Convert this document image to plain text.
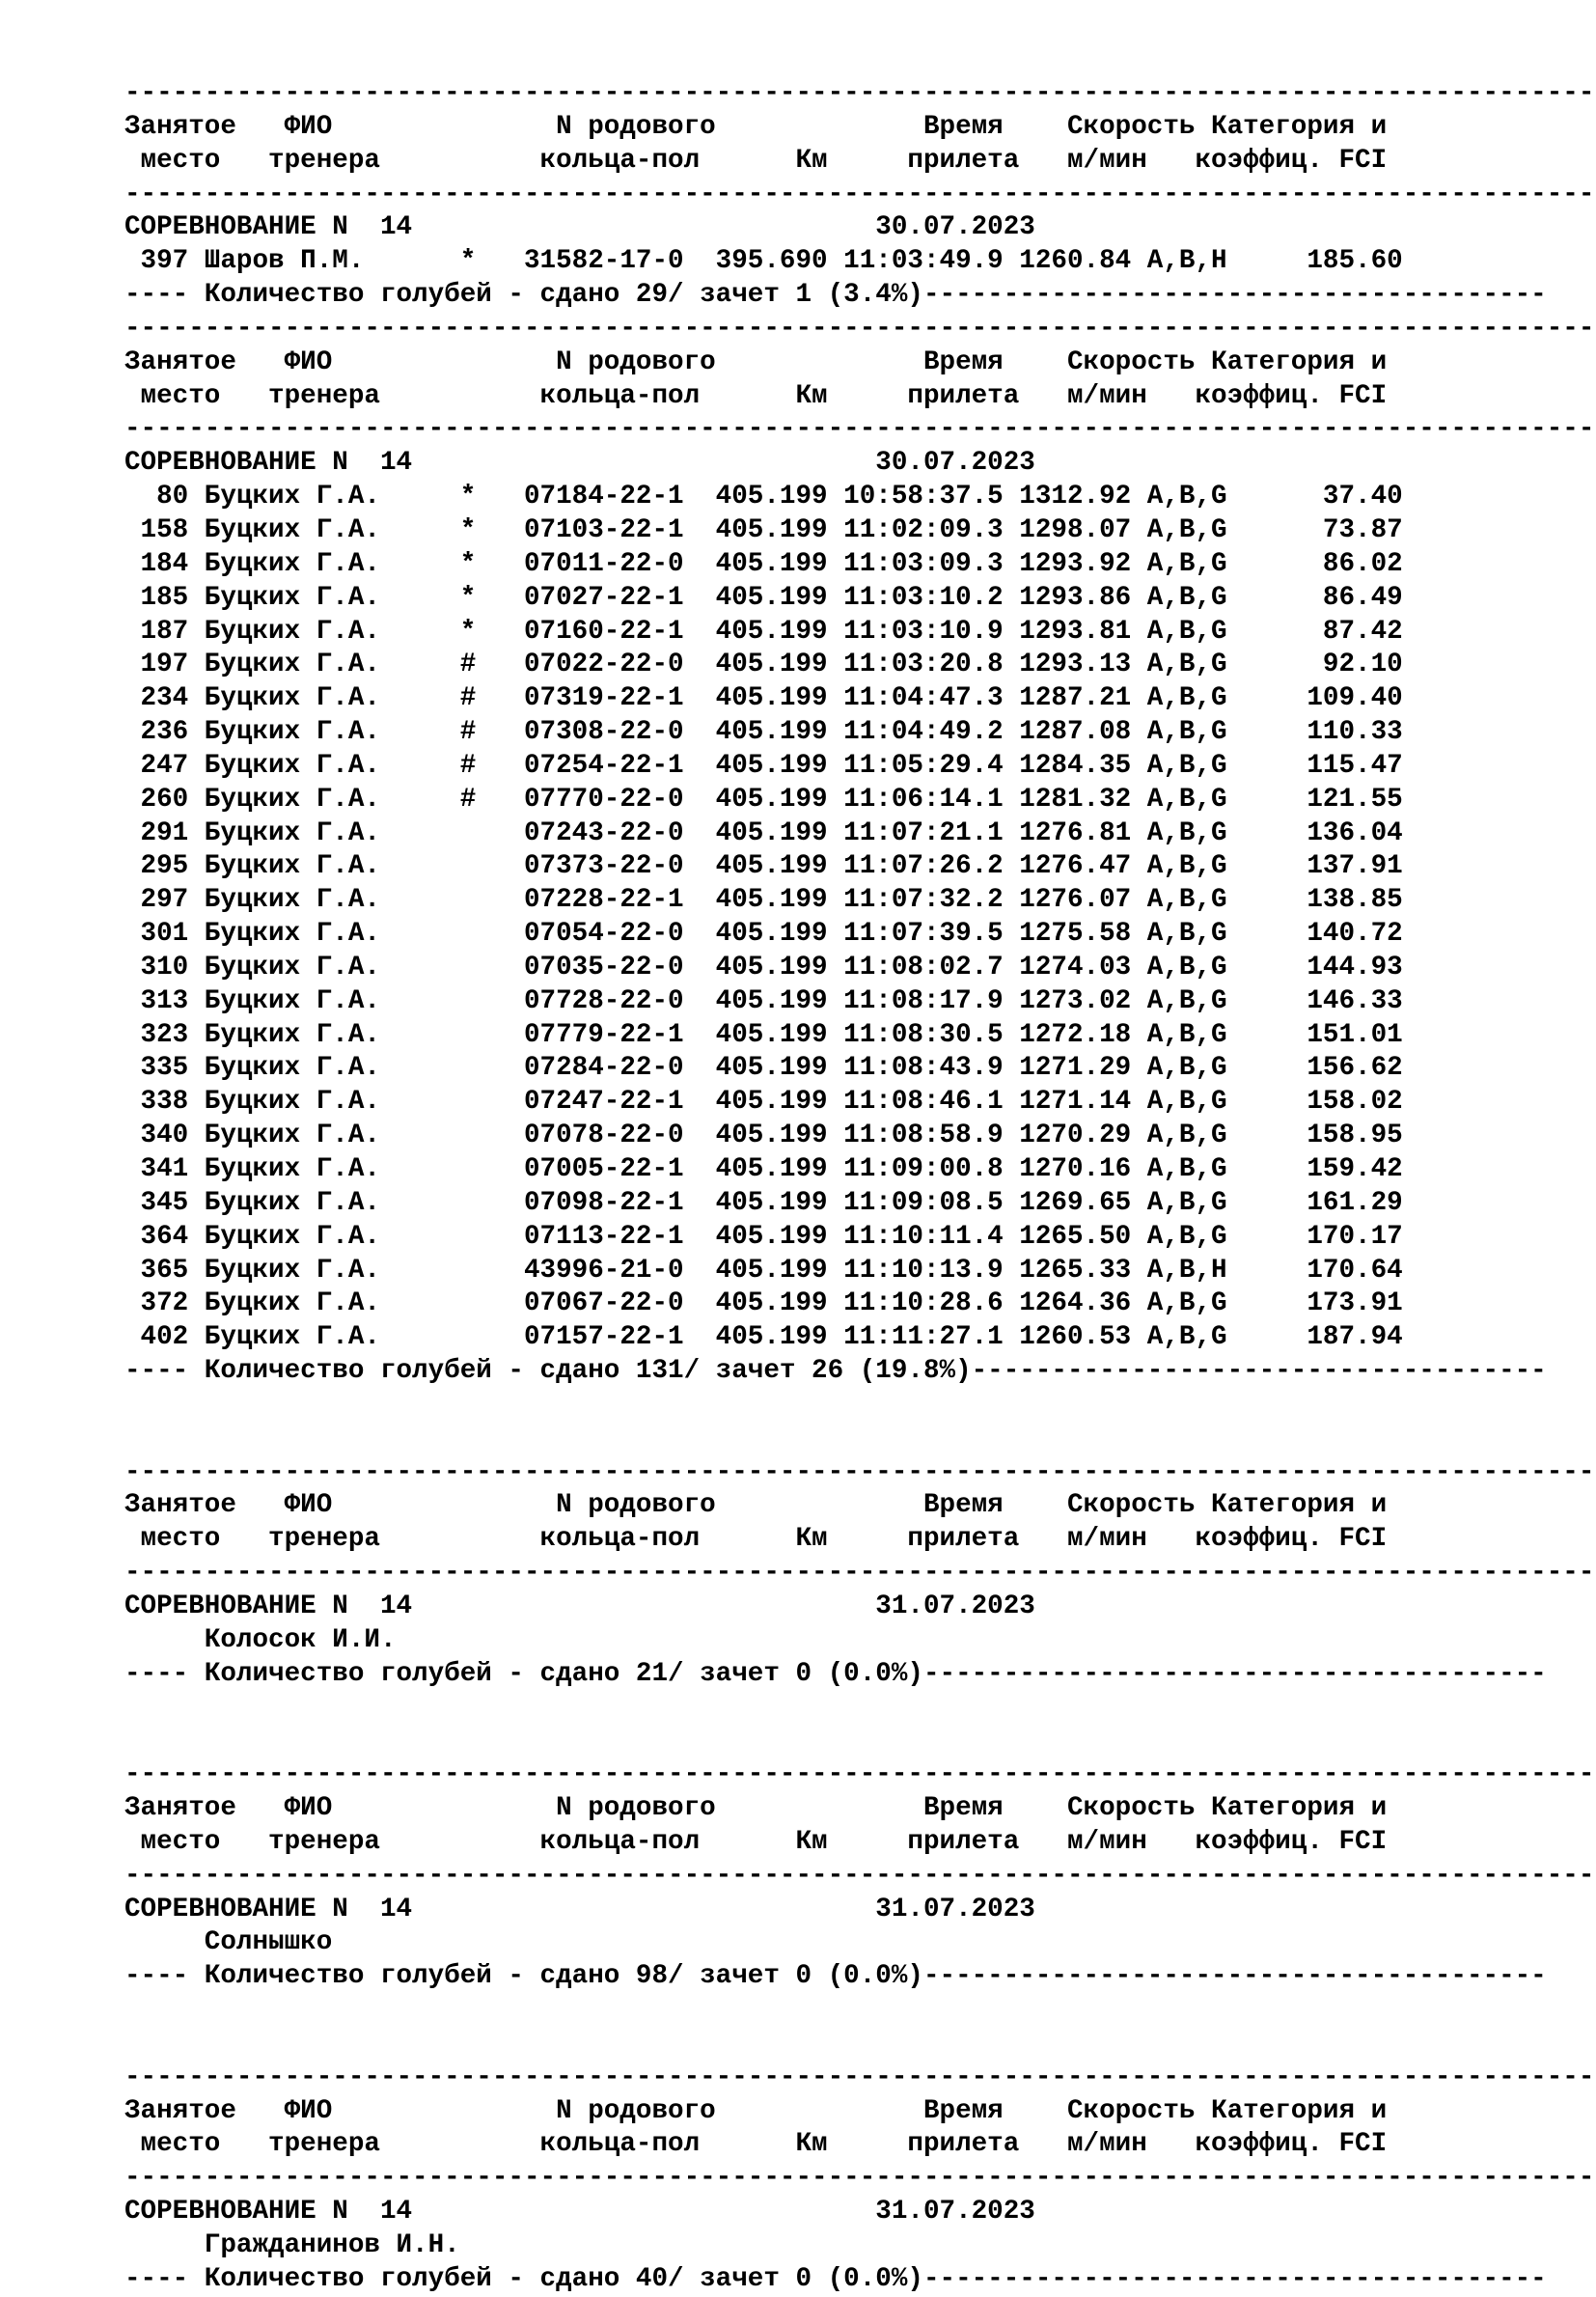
--------------------------------------------------------------------------------------------
Занятое   ФИО              N родового             Время    Скорость Категория и
место   тренера          кольца-пол      Км     прилета   м/мин   коэффиц. FCI
--------------------------------------------------------------------------------------------
СОРЕВНОВАНИЕ N  14                             30.07.2023
397 Шаров П.М.      *   31582-17-0  395.690 11:03:49.9 1260.84 A,B,H     185.60
---- Количество голубей - сдано 29/ зачет 1 (3.4%)---------------------------------------
--------------------------------------------------------------------------------------------
Занятое   ФИО              N родового             Время    Скорость Категория и
место   тренера          кольца-пол      Км     прилета   м/мин   коэффиц. FCI
--------------------------------------------------------------------------------------------
СОРЕВНОВАНИЕ N  14                             30.07.2023
80 Буцких Г.А.     *   07184-22-1  405.199 10:58:37.5 1312.92 A,B,G      37.40
158 Буцких Г.А.     *   07103-22-1  405.199 11:02:09.3 1298.07 A,B,G      73.87
184 Буцких Г.А.     *   07011-22-0  405.199 11:03:09.3 1293.92 A,B,G      86.02
185 Буцких Г.А.     *   07027-22-1  405.199 11:03:10.2 1293.86 A,B,G      86.49
187 Буцких Г.А.     *   07160-22-1  405.199 11:03:10.9 1293.81 A,B,G      87.42
197 Буцких Г.А.     #   07022-22-0  405.199 11:03:20.8 1293.13 A,B,G      92.10
234 Буцких Г.А.     #   07319-22-1  405.199 11:04:47.3 1287.21 A,B,G     109.40
236 Буцких Г.А.     #   07308-22-0  405.199 11:04:49.2 1287.08 A,B,G     110.33
247 Буцких Г.А.     #   07254-22-1  405.199 11:05:29.4 1284.35 A,B,G     115.47
260 Буцких Г.А.     #   07770-22-0  405.199 11:06:14.1 1281.32 A,B,G     121.55
291 Буцких Г.А.         07243-22-0  405.199 11:07:21.1 1276.81 A,B,G     136.04
295 Буцких Г.А.         07373-22-0  405.199 11:07:26.2 1276.47 A,B,G     137.91
297 Буцких Г.А.         07228-22-1  405.199 11:07:32.2 1276.07 A,B,G     138.85
301 Буцких Г.А.         07054-22-0  405.199 11:07:39.5 1275.58 A,B,G     140.72
310 Буцких Г.А.         07035-22-0  405.199 11:08:02.7 1274.03 A,B,G     144.93
313 Буцких Г.А.         07728-22-0  405.199 11:08:17.9 1273.02 A,B,G     146.33
323 Буцких Г.А.         07779-22-1  405.199 11:08:30.5 1272.18 A,B,G     151.01
335 Буцких Г.А.         07284-22-0  405.199 11:08:43.9 1271.29 A,B,G     156.62
338 Буцких Г.А.         07247-22-1  405.199 11:08:46.1 1271.14 A,B,G     158.02
340 Буцких Г.А.         07078-22-0  405.199 11:08:58.9 1270.29 A,B,G     158.95
341 Буцких Г.А.         07005-22-1  405.199 11:09:00.8 1270.16 A,B,G     159.42
345 Буцких Г.А.         07098-22-1  405.199 11:09:08.5 1269.65 A,B,G     161.29
364 Буцких Г.А.         07113-22-1  405.199 11:10:11.4 1265.50 A,B,G     170.17
365 Буцких Г.А.         43996-21-0  405.199 11:10:13.9 1265.33 A,B,H     170.64
372 Буцких Г.А.         07067-22-0  405.199 11:10:28.6 1264.36 A,B,G     173.91
402 Буцких Г.А.         07157-22-1  405.199 11:11:27.1 1260.53 A,B,G     187.94
---- Количество голубей - сдано 131/ зачет 26 (19.8%)------------------------------------
--------------------------------------------------------------------------------------------
Занятое   ФИО              N родового             Время    Скорость Категория и
место   тренера          кольца-пол      Км     прилета   м/мин   коэффиц. FCI
--------------------------------------------------------------------------------------------
СОРЕВНОВАНИЕ N  14                             31.07.2023
Колосок И.И.
---- Количество голубей - сдано 21/ зачет 0 (0.0%)---------------------------------------
--------------------------------------------------------------------------------------------
Занятое   ФИО              N родового             Время    Скорость Категория и
место   тренера          кольца-пол      Км     прилета   м/мин   коэффиц. FCI
--------------------------------------------------------------------------------------------
СОРЕВНОВАНИЕ N  14                             31.07.2023
Солнышко
---- Количество голубей - сдано 98/ зачет 0 (0.0%)---------------------------------------
--------------------------------------------------------------------------------------------
Занятое   ФИО              N родового             Время    Скорость Категория и
место   тренера          кольца-пол      Км     прилета   м/мин   коэффиц. FCI
--------------------------------------------------------------------------------------------
СОРЕВНОВАНИЕ N  14                             31.07.2023
Гражданинов И.Н.
---- Количество голубей - сдано 40/ зачет 0 (0.0%)---------------------------------------
